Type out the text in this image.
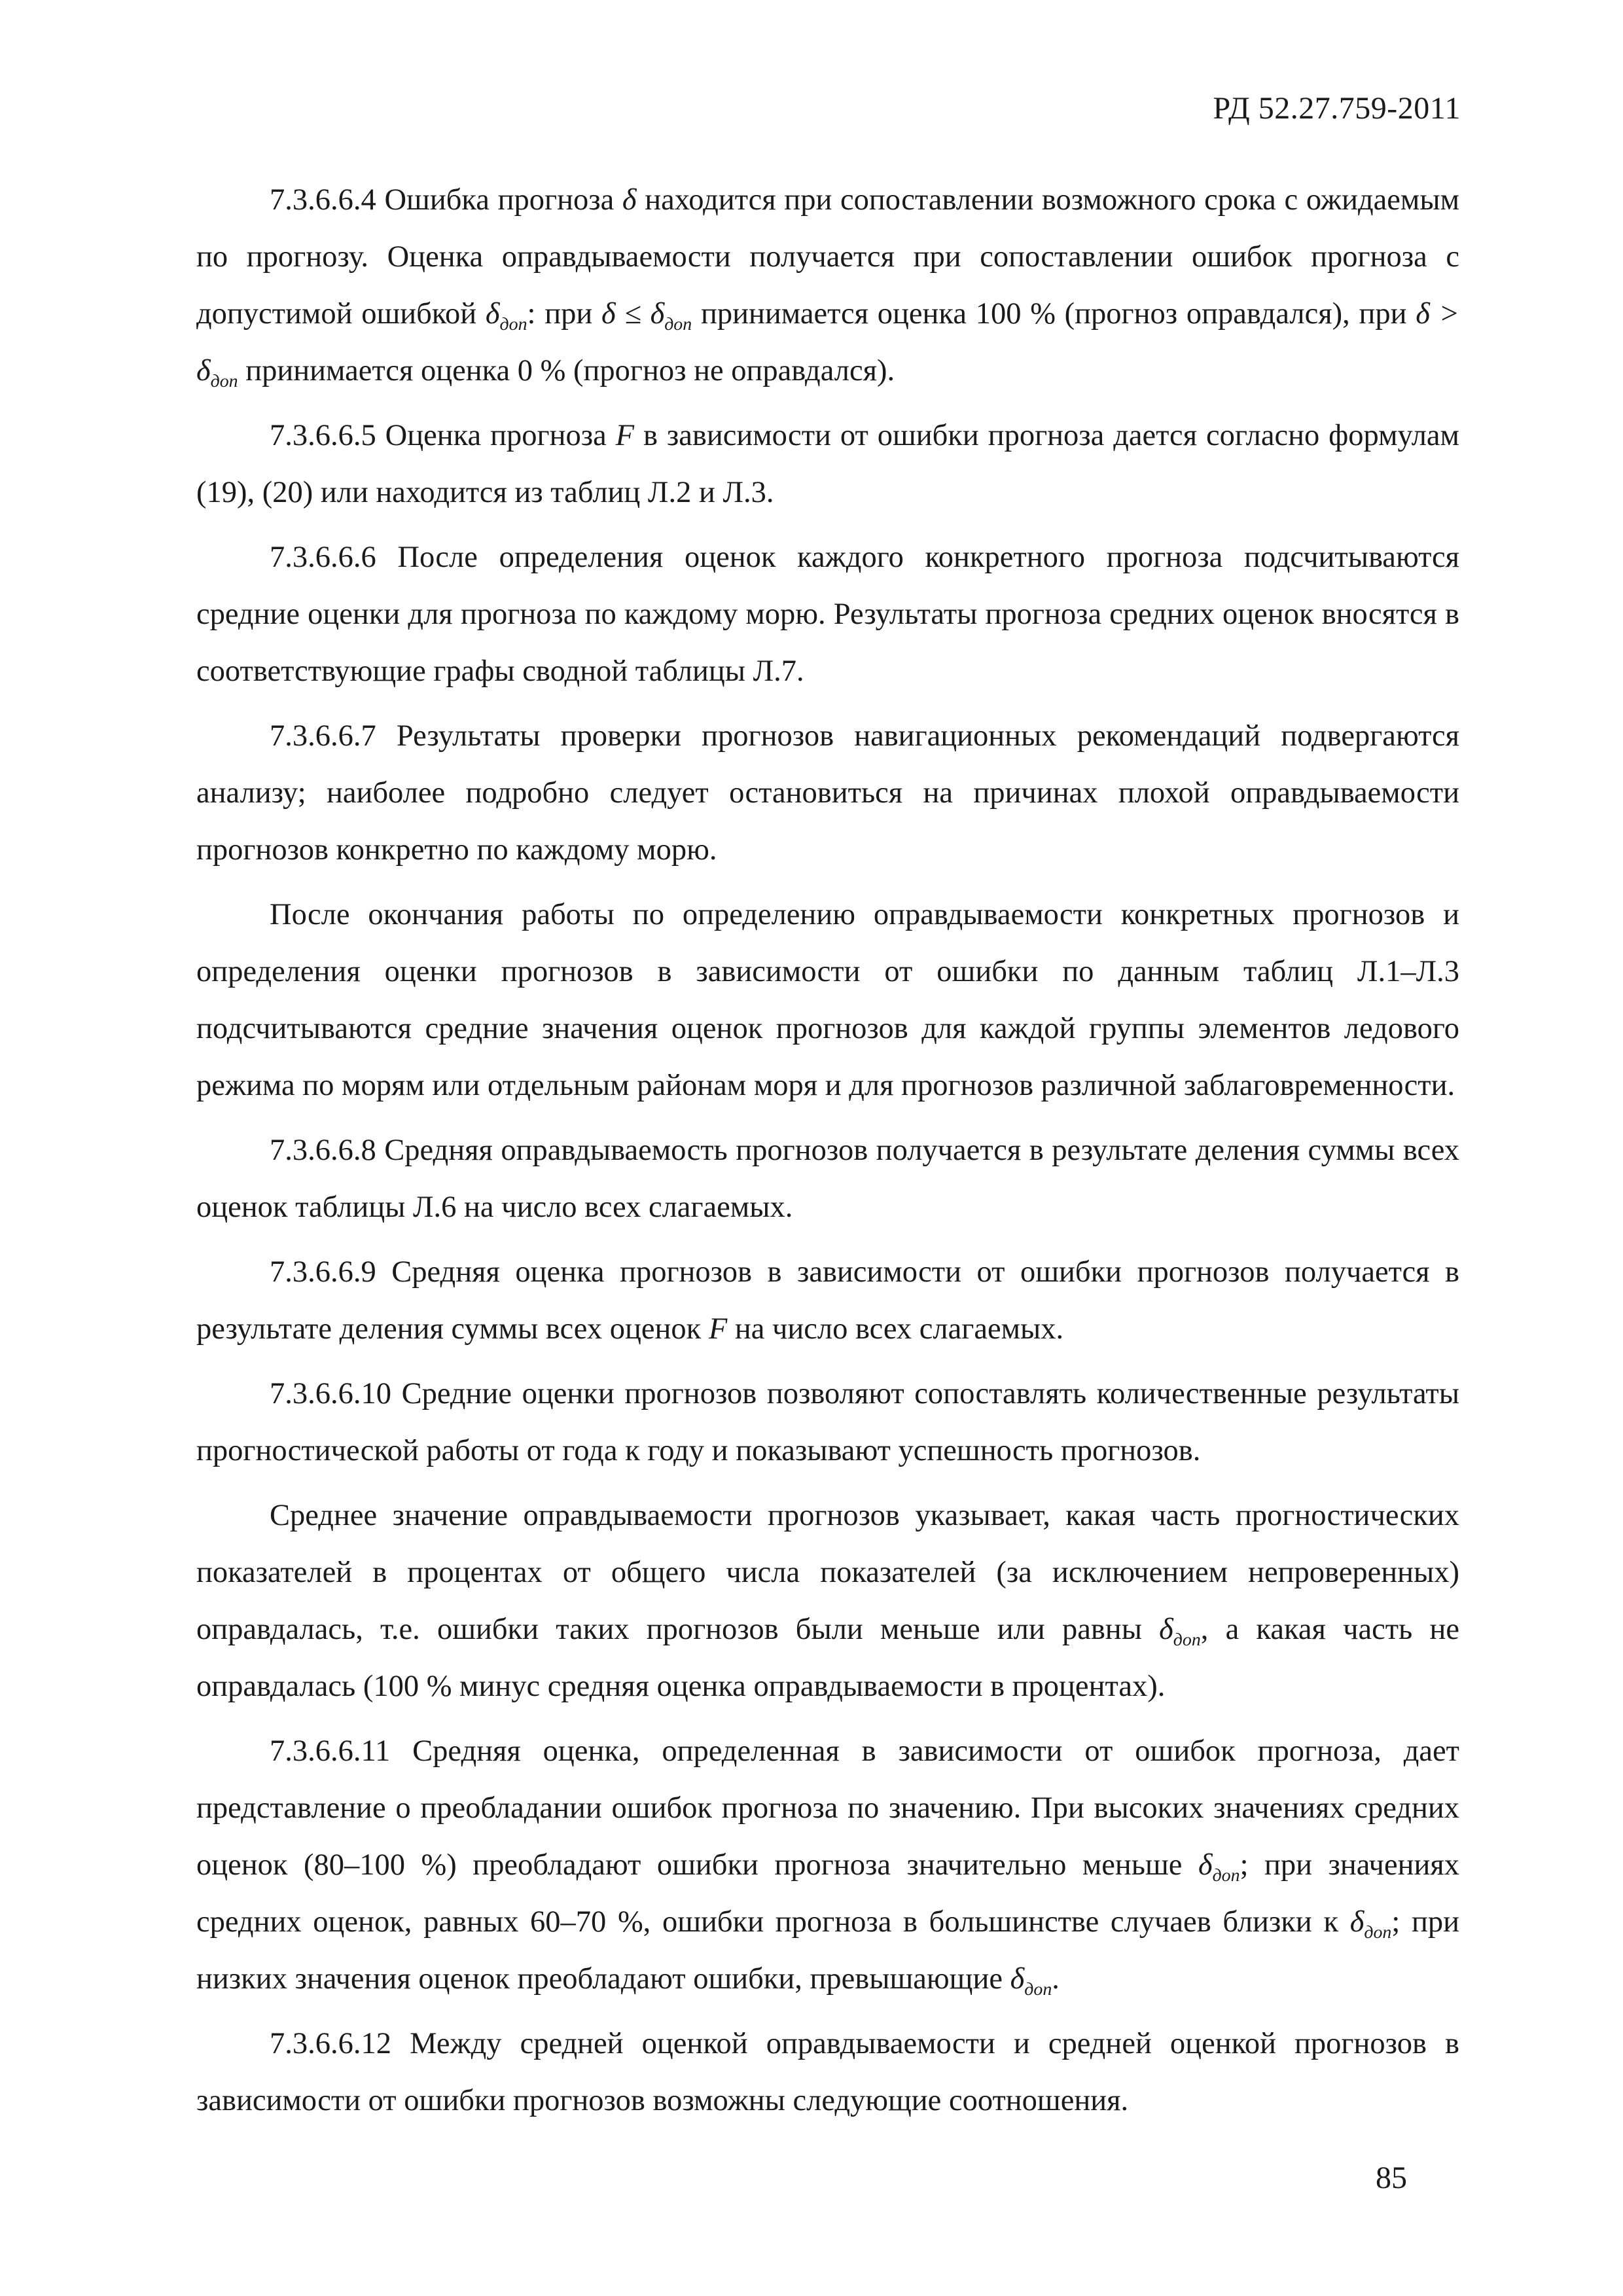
РД 52.27.759-2011

7.3.6.6.4 Ошибка прогноза δ находится при сопоставлении возможного срока с ожидаемым по прогнозу. Оценка оправдываемости получается при сопоставлении ошибок прогноза с допустимой ошибкой $\delta_{доп}$: при $\delta \le \delta_{доп}$ принимается оценка 100 % (прогноз оправдался), при $\delta > \delta_{доп}$ принимается оценка 0 % (прогноз не оправдался).

7.3.6.6.5 Оценка прогноза F в зависимости от ошибки прогноза дается согласно формулам (19), (20) или находится из таблиц Л.2 и Л.3.

7.3.6.6.6 После определения оценок каждого конкретного прогноза подсчитываются средние оценки для прогноза по каждому морю. Результаты прогноза средних оценок вносятся в соответствующие графы сводной таблицы Л.7.

7.3.6.6.7 Результаты проверки прогнозов навигационных рекомендаций подвергаются анализу; наиболее подробно следует остановиться на причинах плохой оправдываемости прогнозов конкретно по каждому морю.

После окончания работы по определению оправдываемости конкретных прогнозов и определения оценки прогнозов в зависимости от ошибки по данным таблиц Л.1–Л.3 подсчитываются средние значения оценок прогнозов для каждой группы элементов ледового режима по морям или отдельным районам моря и для прогнозов различной заблаговременности.

7.3.6.6.8 Средняя оправдываемость прогнозов получается в результате деления суммы всех оценок таблицы Л.6 на число всех слагаемых.

7.3.6.6.9 Средняя оценка прогнозов в зависимости от ошибки прогнозов получается в результате деления суммы всех оценок F на число всех слагаемых.

7.3.6.6.10 Средние оценки прогнозов позволяют сопоставлять количественные результаты прогностической работы от года к году и показывают успешность прогнозов.

Среднее значение оправдываемости прогнозов указывает, какая часть прогностических показателей в процентах от общего числа показателей (за исключением непроверенных) оправдалась, т.е. ошибки таких прогнозов были меньше или равны $\delta_{доп}$, а какая часть не оправдалась (100 % минус средняя оценка оправдываемости в процентах).

7.3.6.6.11 Средняя оценка, определенная в зависимости от ошибок прогноза, дает представление о преобладании ошибок прогноза по значению. При высоких значениях средних оценок (80–100 %) преобладают ошибки прогноза значительно меньше $\delta_{доп}$; при значениях средних оценок, равных 60–70 %, ошибки прогноза в большинстве случаев близки к $\delta_{доп}$; при низких значения оценок преобладают ошибки, превышающие $\delta_{доп}$.

7.3.6.6.12 Между средней оценкой оправдываемости и средней оценкой прогнозов в зависимости от ошибки прогнозов возможны следующие соотношения.

85
